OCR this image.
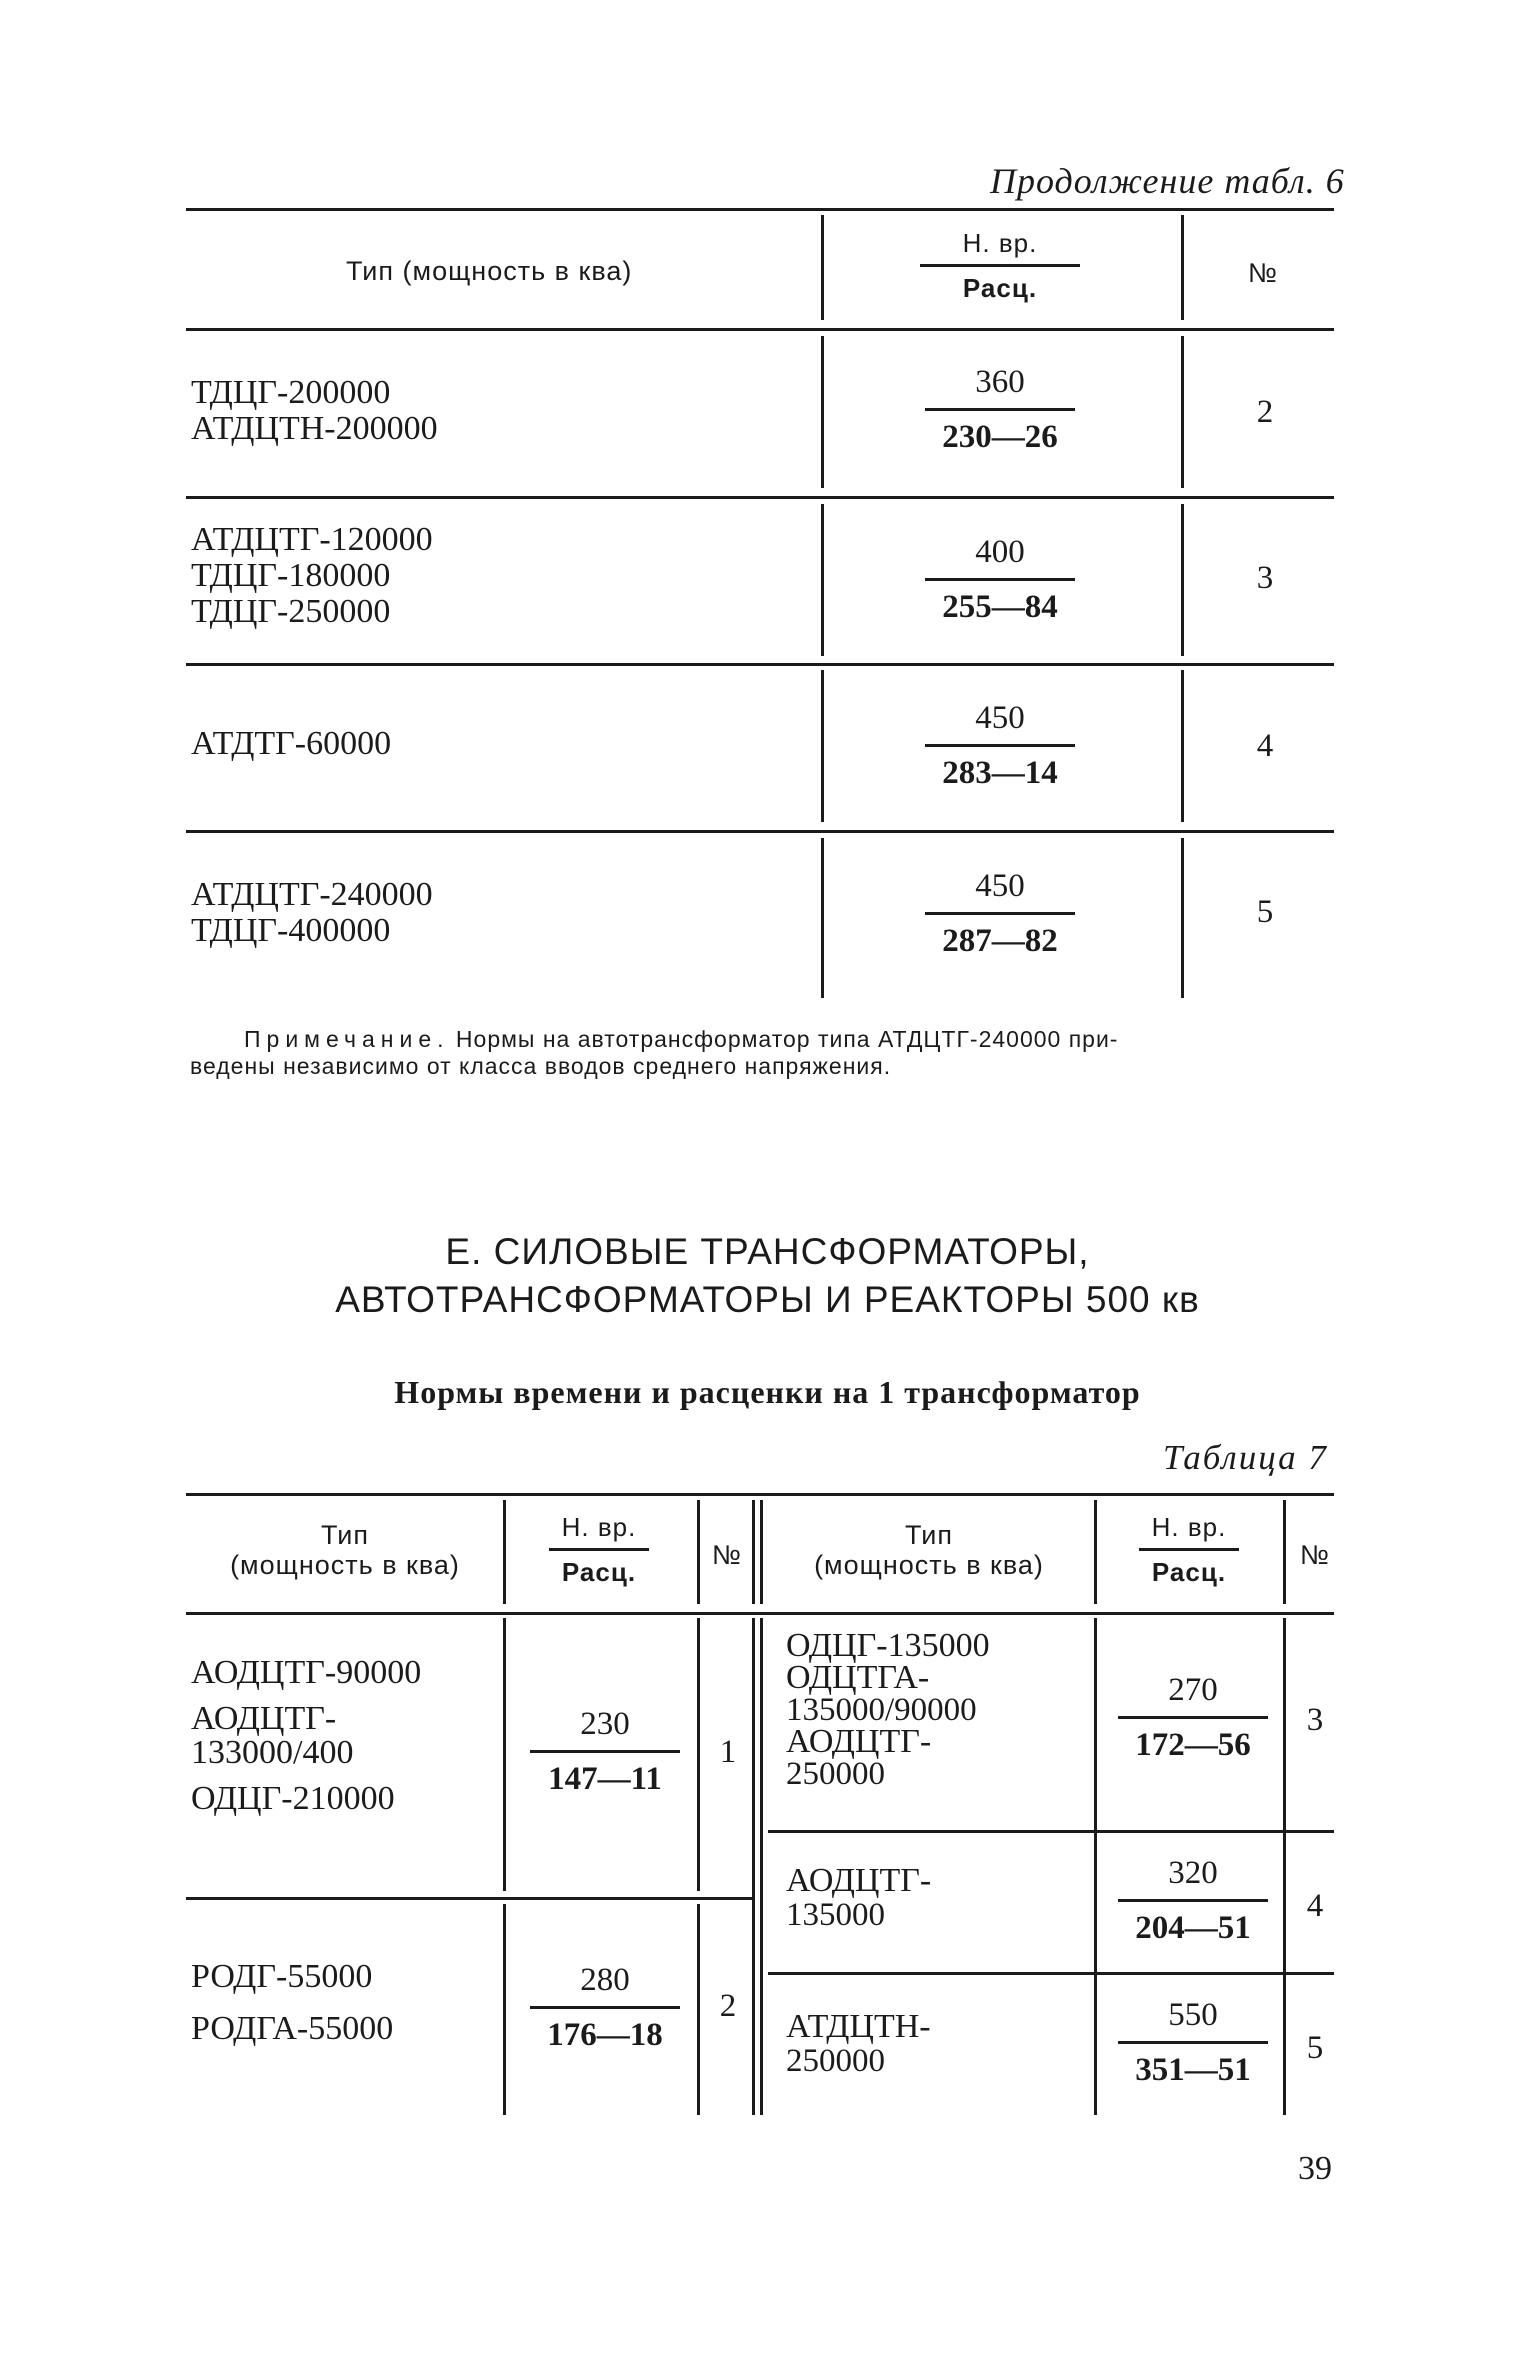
Продолжение табл. 6
Тип (мощность в ква)
Н. вр.
Расц.	№
ТДЦГ-200000
АТДЦТН-200000
360
230—26
2
АТДЦТГ-120000
ТДЦГ-180000
ТДЦГ-250000
400
255—84
3
АТДТГ-60000
450
283—14
4
АТДЦТГ-240000
ТДЦГ-400000
450
287—82
5
Примечание. Нормы на автотрансформатор типа АТДЦТГ-240000 при-
ведены независимо от класса вводов среднего напряжения.
Е. СИЛОВЫЕ ТРАНСФОРМАТОРЫ,
АВТОТРАНСФОРМАТОРЫ И РЕАКТОРЫ 500 кв
Нормы времени и расценки на 1 трансформатор
Таблица 7
Тип
(мощность в ква)
Н. вр.
Расц.
№
Тип
(мощность в ква)
Н. вр.
Расц.
№
АОДЦТГ-90000
АОДЦТГ-
133000/400
ОДЦГ-210000
230
147—11
1
РОДГ-55000
РОДГА-55000
280
176—18
2
ОДЦГ-135000
ОДЦТГА-
135000/90000
АОДЦТГ-
250000
270
172—56
3
АОДЦТГ-
135000
320
204—51
4
АТДЦТН-
250000
550
351—51
5
39
